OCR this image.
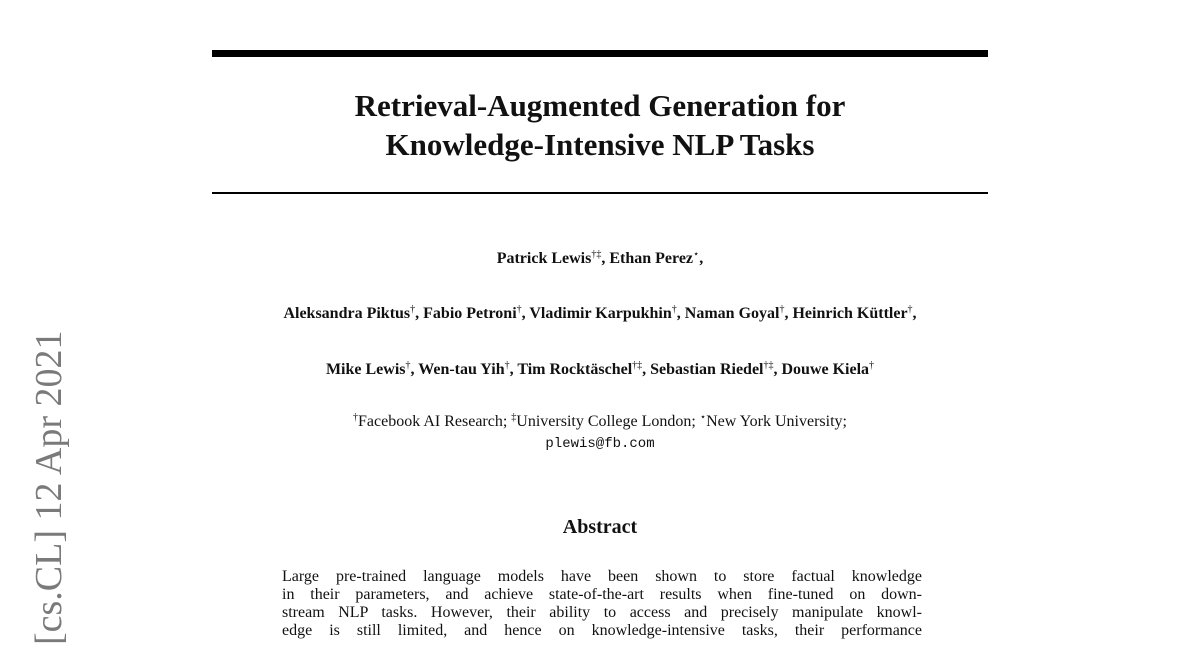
[cs.CL] 12 Apr 2021
Retrieval-Augmented Generation for
Knowledge-Intensive NLP Tasks
Patrick Lewis†‡, Ethan Perez⋆,
Aleksandra Piktus†, Fabio Petroni†, Vladimir Karpukhin†, Naman Goyal†, Heinrich Küttler†,
Mike Lewis†, Wen-tau Yih†, Tim Rocktäschel†‡, Sebastian Riedel†‡, Douwe Kiela†
†Facebook AI Research; ‡University College London; ⋆New York University;
plewis@fb.com
Abstract
Large pre-trained language models have been shown to store factual knowledge
in their parameters, and achieve state-of-the-art results when fine-tuned on down-
stream NLP tasks. However, their ability to access and precisely manipulate knowl-
edge is still limited, and hence on knowledge-intensive tasks, their performance
